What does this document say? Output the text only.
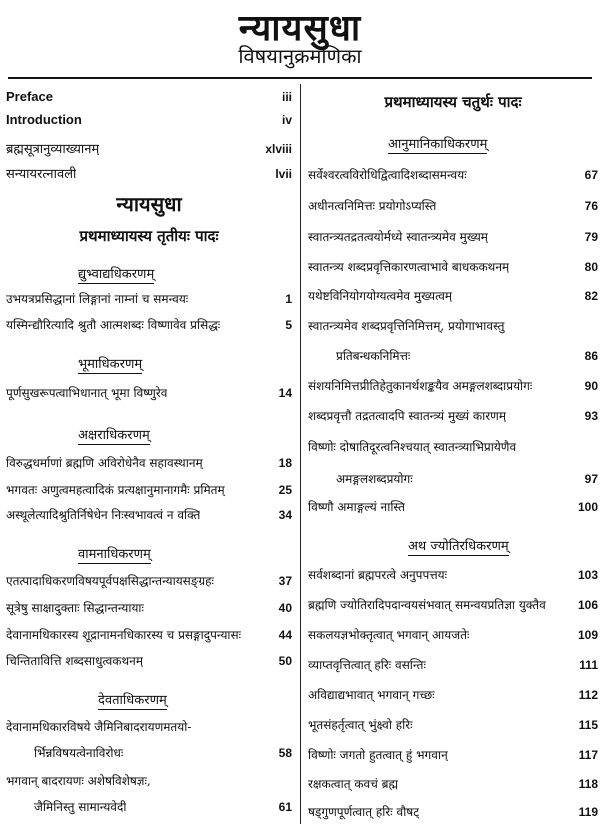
न्यायसुधा
विषयानुक्रमणिका
Preface	iii
Introduction	iv
ब्रह्मसूत्रानुव्याख्यानम्	xlviii
सन्यायरत्नावली	lvii
न्यायसुधा
प्रथमाध्यायस्य तृतीयः पादः
द्युभ्वाद्यधिकरणम्
उभयत्रप्रसिद्धानां लिङ्गानां नाम्नां च समन्वयः	1
यस्मिन्द्यौरित्यादि श्रुतौ आत्मशब्दः विष्णावेव प्रसिद्धः	5
भूमाधिकरणम्
पूर्णसुखरूपत्वाभिधानात् भूमा विष्णुरेव	14
अक्षराधिकरणम्
विरुद्धधर्माणां ब्रह्मणि अविरोधेनैव सहावस्थानम्	18
भगवतः अणुत्वमहत्वादिकं प्रत्यक्षानुमानागमैः प्रमितम्	25
अस्थूलेत्यादिश्रुतिर्निषेधेन निःस्वभावत्वं न वक्ति	34
वामनाधिकरणम्
एतत्पादाधिकरणविषयपूर्वपक्षसिद्धान्तन्यायसङ्ग्रहः	37
सूत्रेषु साक्षादुक्ताः सिद्धान्तन्यायाः	40
देवानामधिकारस्य शूद्रानामनधिकारस्य च प्रसङ्गादुपन्यासः	44
चिन्तितावित्ति शब्दसाधुत्वकथनम्	50
देवताधिकरणम्
देवानामधिकारविषये जैमिनिबादरायणमतयो-
र्भिन्नविषयत्वेनाविरोधः	58
भगवान् बादरायणः अशेषविशेषज्ञः,
जैमिनिस्तु सामान्यवेदी	61
प्रथमाध्यायस्य चतुर्थः पादः
आनुमानिकाधिकरणम्
सर्वेश्वरत्वविरोधिद्वित्वादिशब्दासमन्वयः	67
अधीनत्वनिमित्तः प्रयोगोऽप्यस्ति	76
स्वातन्त्र्यतद्रतत्वयोर्मध्ये स्वातन्त्र्यमेव मुख्यम्	79
स्वातन्त्र्य शब्दप्रवृत्तिकारणत्वाभावे बाधककथनम्	80
यथेष्टविनियोगयोग्यत्वमेव मुख्यत्वम्	82
स्वातन्त्र्यमेव शब्दप्रवृत्तिनिमित्तम्, प्रयोगाभावस्तु
प्रतिबन्धकनिमित्तः	86
संशयनिमित्तप्रीतिहेतुकानर्थशङ्कयैव अमङ्गलशब्दाप्रयोगः	90
शब्दप्रवृत्तौ तद्रतत्वादपि स्वातन्त्र्यं मुख्यं कारणम्	93
विष्णोः दोषातिदूरत्वनिश्चयात् स्वातन्त्र्याभिप्रायेणैव
अमङ्गलशब्दप्रयोगः	97
विष्णौ अमाङ्गल्यं नास्ति	100
अथ ज्योतिरधिकरणम्
सर्वशब्दानां ब्रह्मपरत्वे अनुपपत्तयः	103
ब्रह्मणि ज्योतिरादिपदान्वयसंभवात् समन्वयप्रतिज्ञा युक्तैव	106
सकलयज्ञभोक्तृत्वात् भगवान् आयजतेः	109
व्याप्तवृत्तित्वात् हरिः वसन्तिः	111
अविद्याद्यभावात् भगवान् गच्छः	112
भूतसंहर्तृत्वात् भुंक्ष्वो हरिः	115
विष्णोः जगतो हुतत्वात् हुं भगवान्	117
रक्षकत्वात् कवचं ब्रह्म	118
षड्गुणपूर्णत्वात् हरिः वौषट्	119
